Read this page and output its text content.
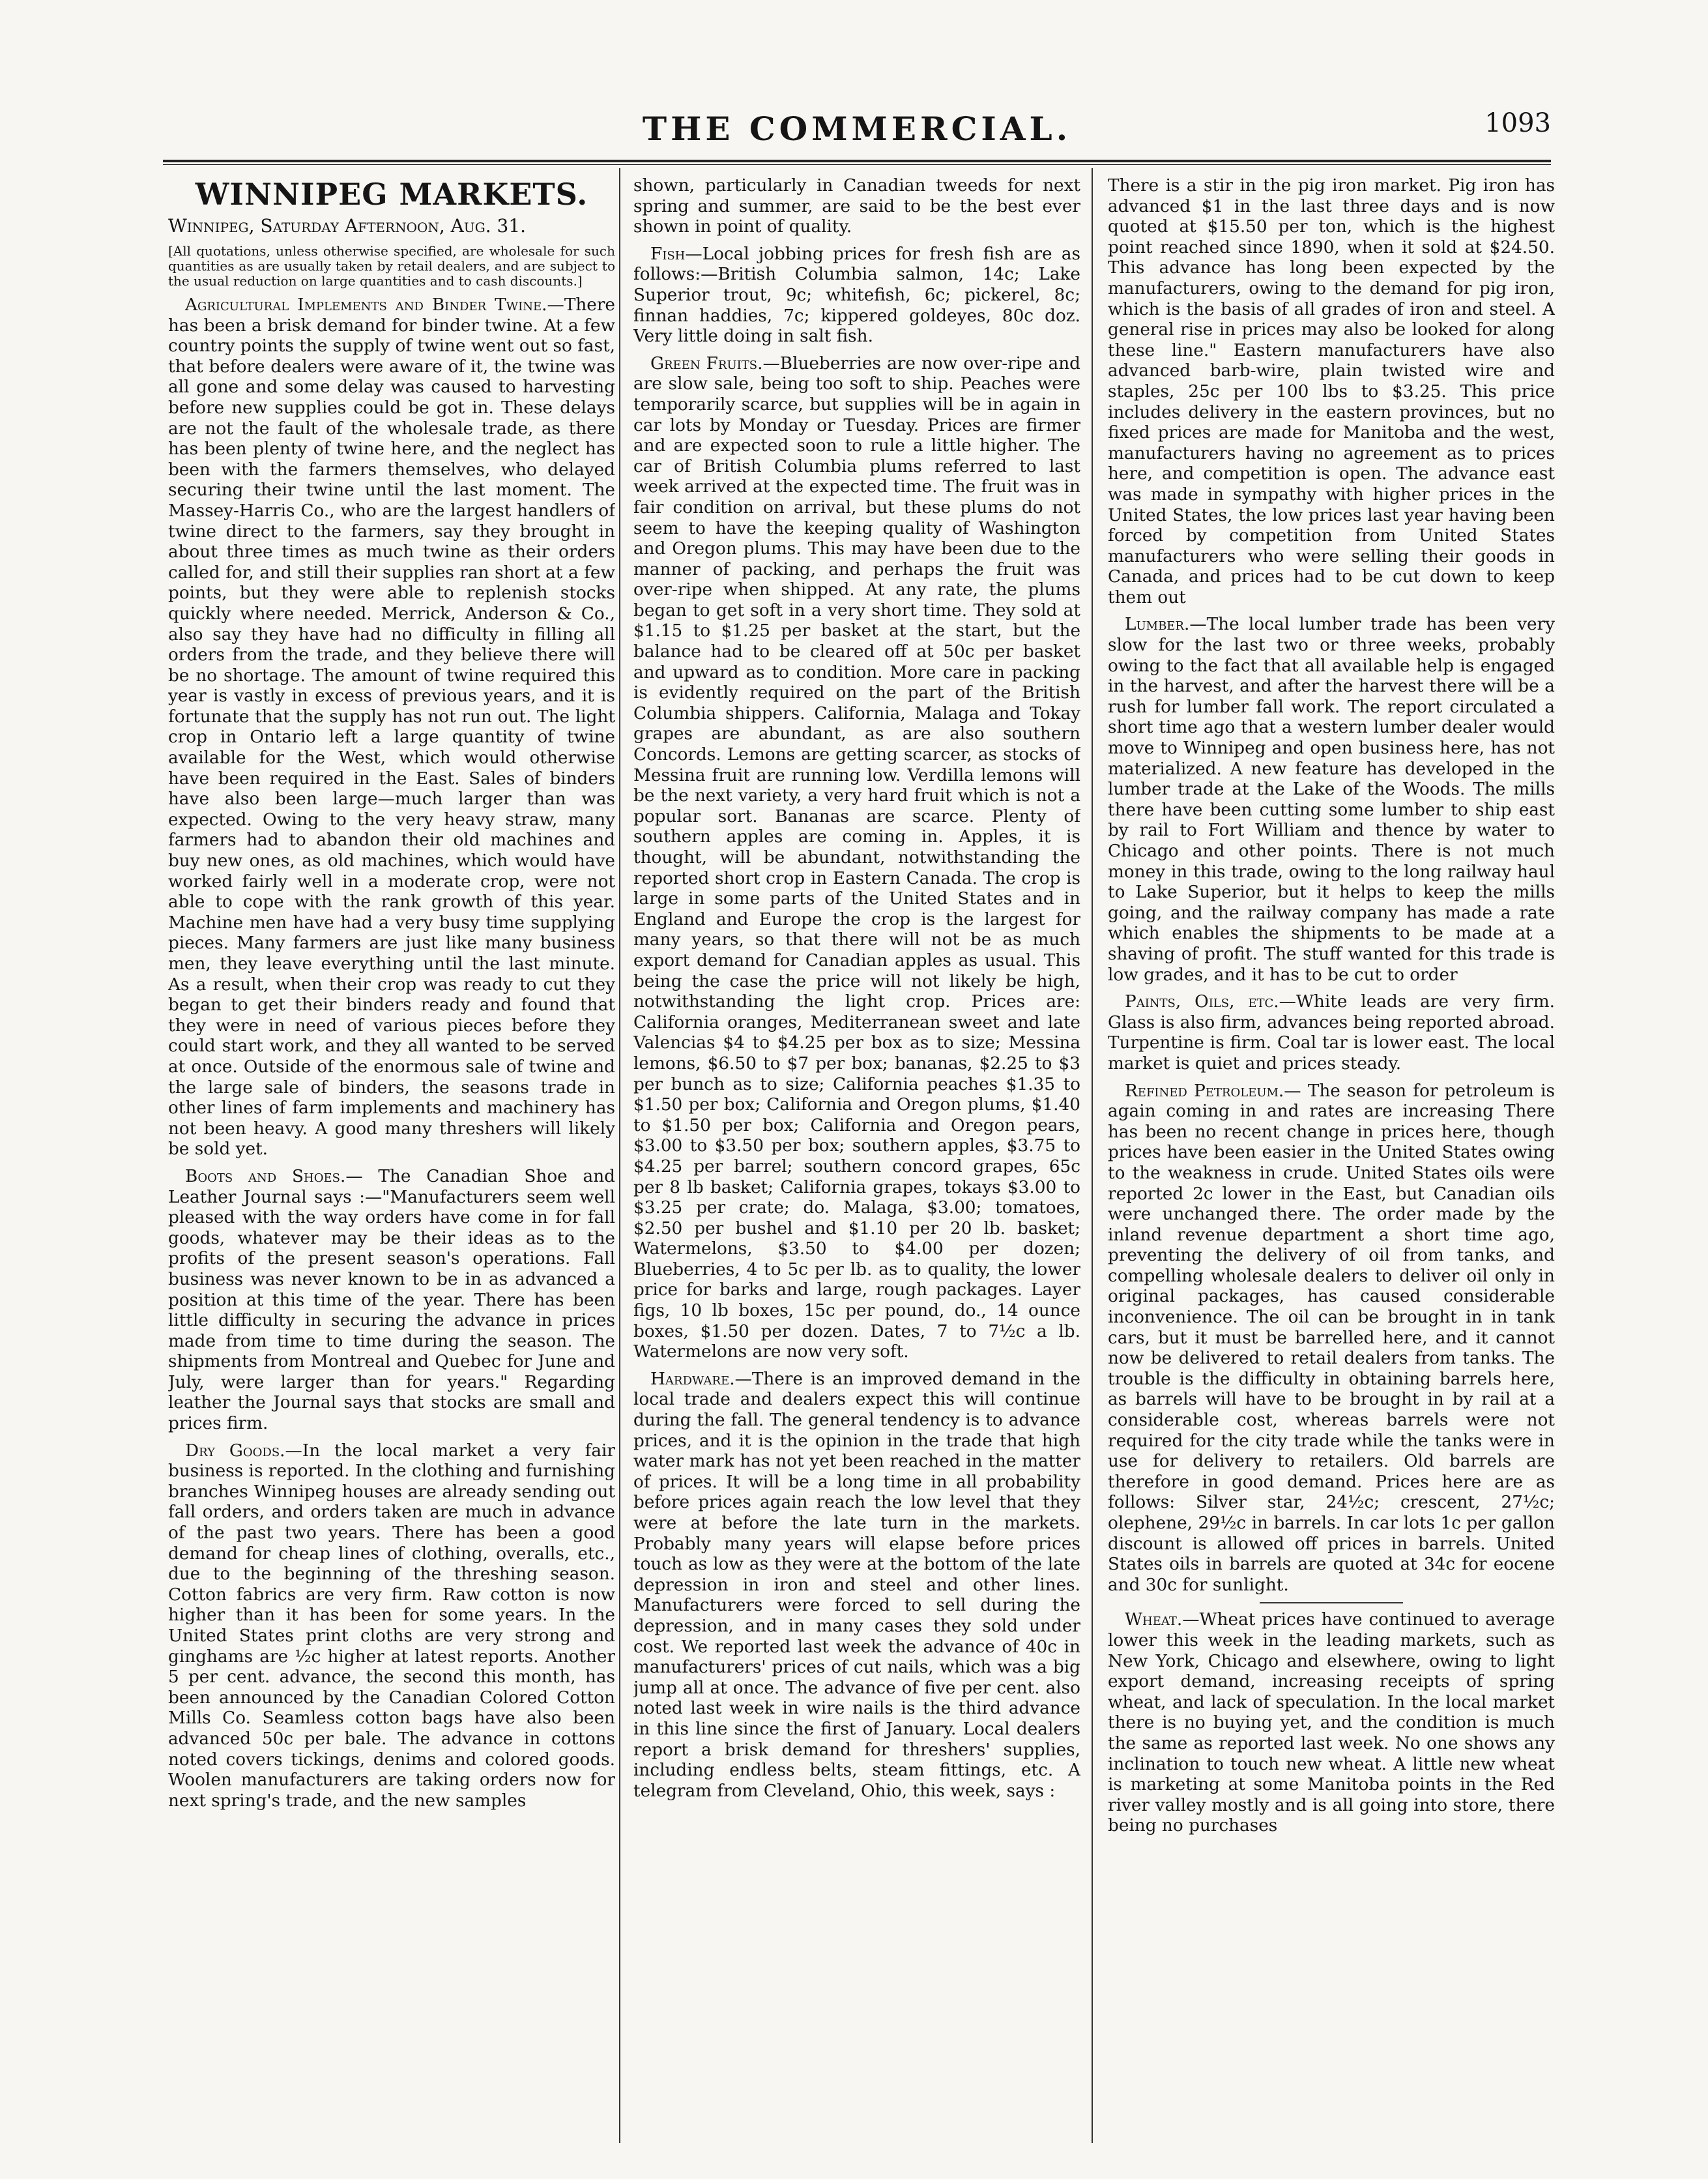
THE COMMERCIAL.	1093
WINNIPEG MARKETS.

Winnipeg, Saturday Afternoon, Aug. 31.

[All quotations, unless otherwise specified, are wholesale for such quantities as are usually taken by retail dealers, and are subject to the usual reduction on large quantities and to cash discounts.]

Agricultural Implements and Binder Twine.—There has been a brisk demand for binder twine. At a few country points the supply of twine went out so fast, that before dealers were aware of it, the twine was all gone and some delay was caused to harvesting before new supplies could be got in. These delays are not the fault of the wholesale trade, as there has been plenty of twine here, and the neglect has been with the farmers themselves, who delayed securing their twine until the last moment. The Massey-Harris Co., who are the largest handlers of twine direct to the farmers, say they brought in about three times as much twine as their orders called for, and still their supplies ran short at a few points, but they were able to replenish stocks quickly where needed. Merrick, Anderson & Co., also say they have had no difficulty in filling all orders from the trade, and they believe there will be no shortage. The amount of twine required this year is vastly in excess of previous years, and it is fortunate that the supply has not run out. The light crop in Ontario left a large quantity of twine available for the West, which would otherwise have been required in the East. Sales of binders have also been large—much larger than was expected. Owing to the very heavy straw, many farmers had to abandon their old machines and buy new ones, as old machines, which would have worked fairly well in a moderate crop, were not able to cope with the rank growth of this year. Machine men have had a very busy time supplying pieces. Many farmers are just like many business men, they leave everything until the last minute. As a result, when their crop was ready to cut they began to get their binders ready and found that they were in need of various pieces before they could start work, and they all wanted to be served at once. Outside of the enormous sale of twine and the large sale of binders, the seasons trade in other lines of farm implements and machinery has not been heavy. A good many threshers will likely be sold yet.

Boots and Shoes.— The Canadian Shoe and Leather Journal says :—"Manufacturers seem well pleased with the way orders have come in for fall goods, whatever may be their ideas as to the profits of the present season's operations. Fall business was never known to be in as advanced a position at this time of the year. There has been little difficulty in securing the advance in prices made from time to time during the season. The shipments from Montreal and Quebec for June and July, were larger than for years." Regarding leather the Journal says that stocks are small and prices firm.

Dry Goods.—In the local market a very fair business is reported. In the clothing and furnishing branches Winnipeg houses are already sending out fall orders, and orders taken are much in advance of the past two years. There has been a good demand for cheap lines of clothing, overalls, etc., due to the beginning of the threshing season. Cotton fabrics are very firm. Raw cotton is now higher than it has been for some years. In the United States print cloths are very strong and ginghams are ½c higher at latest reports. Another 5 per cent. advance, the second this month, has been announced by the Canadian Colored Cotton Mills Co. Seamless cotton bags have also been advanced 50c per bale. The advance in cottons noted covers tickings, denims and colored goods. Woolen manufacturers are taking orders now for next spring's trade, and the new samples

shown, particularly in Canadian tweeds for next spring and summer, are said to be the best ever shown in point of quality.

Fish—Local jobbing prices for fresh fish are as follows:—British Columbia salmon, 14c; Lake Superior trout, 9c; whitefish, 6c; pickerel, 8c; finnan haddies, 7c; kippered goldeyes, 80c doz. Very little doing in salt fish.

Green Fruits.—Blueberries are now over-ripe and are slow sale, being too soft to ship. Peaches were temporarily scarce, but supplies will be in again in car lots by Monday or Tuesday. Prices are firmer and are expected soon to rule a little higher. The car of British Columbia plums referred to last week arrived at the expected time. The fruit was in fair condition on arrival, but these plums do not seem to have the keeping quality of Washington and Oregon plums. This may have been due to the manner of packing, and perhaps the fruit was over-ripe when shipped. At any rate, the plums began to get soft in a very short time. They sold at $1.15 to $1.25 per basket at the start, but the balance had to be cleared off at 50c per basket and upward as to condition. More care in packing is evidently required on the part of the British Columbia shippers. California, Malaga and Tokay grapes are abundant, as are also southern Concords. Lemons are getting scarcer, as stocks of Messina fruit are running low. Verdilla lemons will be the next variety, a very hard fruit which is not a popular sort. Bananas are scarce. Plenty of southern apples are coming in. Apples, it is thought, will be abundant, notwithstanding the reported short crop in Eastern Canada. The crop is large in some parts of the United States and in England and Europe the crop is the largest for many years, so that there will not be as much export demand for Canadian apples as usual. This being the case the price will not likely be high, notwithstanding the light crop. Prices are: California oranges, Mediterranean sweet and late Valencias $4 to $4.25 per box as to size; Messina lemons, $6.50 to $7 per box; bananas, $2.25 to $3 per bunch as to size; California peaches $1.35 to $1.50 per box; California and Oregon plums, $1.40 to $1.50 per box; California and Oregon pears, $3.00 to $3.50 per box; southern apples, $3.75 to $4.25 per barrel; southern concord grapes, 65c per 8 lb basket; California grapes, tokays $3.00 to $3.25 per crate; do. Malaga, $3.00; tomatoes, $2.50 per bushel and $1.10 per 20 lb. basket; Watermelons, $3.50 to $4.00 per dozen; Blueberries, 4 to 5c per lb. as to quality, the lower price for barks and large, rough packages. Layer figs, 10 lb boxes, 15c per pound, do., 14 ounce boxes, $1.50 per dozen. Dates, 7 to 7½c a lb. Watermelons are now very soft.

Hardware.—There is an improved demand in the local trade and dealers expect this will continue during the fall. The general tendency is to advance prices, and it is the opinion in the trade that high water mark has not yet been reached in the matter of prices. It will be a long time in all probability before prices again reach the low level that they were at before the late turn in the markets. Probably many years will elapse before prices touch as low as they were at the bottom of the late depression in iron and steel and other lines. Manufacturers were forced to sell during the depression, and in many cases they sold under cost. We reported last week the advance of 40c in manufacturers' prices of cut nails, which was a big jump all at once. The advance of five per cent. also noted last week in wire nails is the third advance in this line since the first of January. Local dealers report a brisk demand for threshers' supplies, including endless belts, steam fittings, etc. A telegram from Cleveland, Ohio, this week, says :

There is a stir in the pig iron market. Pig iron has advanced $1 in the last three days and is now quoted at $15.50 per ton, which is the highest point reached since 1890, when it sold at $24.50. This advance has long been expected by the manufacturers, owing to the demand for pig iron, which is the basis of all grades of iron and steel. A general rise in prices may also be looked for along these line." Eastern manufacturers have also advanced barb-wire, plain twisted wire and staples, 25c per 100 lbs to $3.25. This price includes delivery in the eastern provinces, but no fixed prices are made for Manitoba and the west, manufacturers having no agreement as to prices here, and competition is open. The advance east was made in sympathy with higher prices in the United States, the low prices last year having been forced by competition from United States manufacturers who were selling their goods in Canada, and prices had to be cut down to keep them out

Lumber.—The local lumber trade has been very slow for the last two or three weeks, probably owing to the fact that all available help is engaged in the harvest, and after the harvest there will be a rush for lumber fall work. The report circulated a short time ago that a western lumber dealer would move to Winnipeg and open business here, has not materialized. A new feature has developed in the lumber trade at the Lake of the Woods. The mills there have been cutting some lumber to ship east by rail to Fort William and thence by water to Chicago and other points. There is not much money in this trade, owing to the long railway haul to Lake Superior, but it helps to keep the mills going, and the railway company has made a rate which enables the shipments to be made at a shaving of profit. The stuff wanted for this trade is low grades, and it has to be cut to order

Paints, Oils, etc.—White leads are very firm. Glass is also firm, advances being reported abroad. Turpentine is firm. Coal tar is lower east. The local market is quiet and prices steady.

Refined Petroleum.— The season for petroleum is again coming in and rates are increasing There has been no recent change in prices here, though prices have been easier in the United States owing to the weakness in crude. United States oils were reported 2c lower in the East, but Canadian oils were unchanged there. The order made by the inland revenue department a short time ago, preventing the delivery of oil from tanks, and compelling wholesale dealers to deliver oil only in original packages, has caused considerable inconvenience. The oil can be brought in in tank cars, but it must be barrelled here, and it cannot now be delivered to retail dealers from tanks. The trouble is the difficulty in obtaining barrels here, as barrels will have to be brought in by rail at a considerable cost, whereas barrels were not required for the city trade while the tanks were in use for delivery to retailers. Old barrels are therefore in good demand. Prices here are as follows: Silver star, 24½c; crescent, 27½c; olephene, 29½c in barrels. In car lots 1c per gallon discount is allowed off prices in barrels. United States oils in barrels are quoted at 34c for eocene and 30c for sunlight.

Wheat.—Wheat prices have continued to average lower this week in the leading markets, such as New York, Chicago and elsewhere, owing to light export demand, increasing receipts of spring wheat, and lack of speculation. In the local market there is no buying yet, and the condition is much the same as reported last week. No one shows any inclination to touch new wheat. A little new wheat is marketing at some Manitoba points in the Red river valley mostly and is all going into store, there being no purchases
